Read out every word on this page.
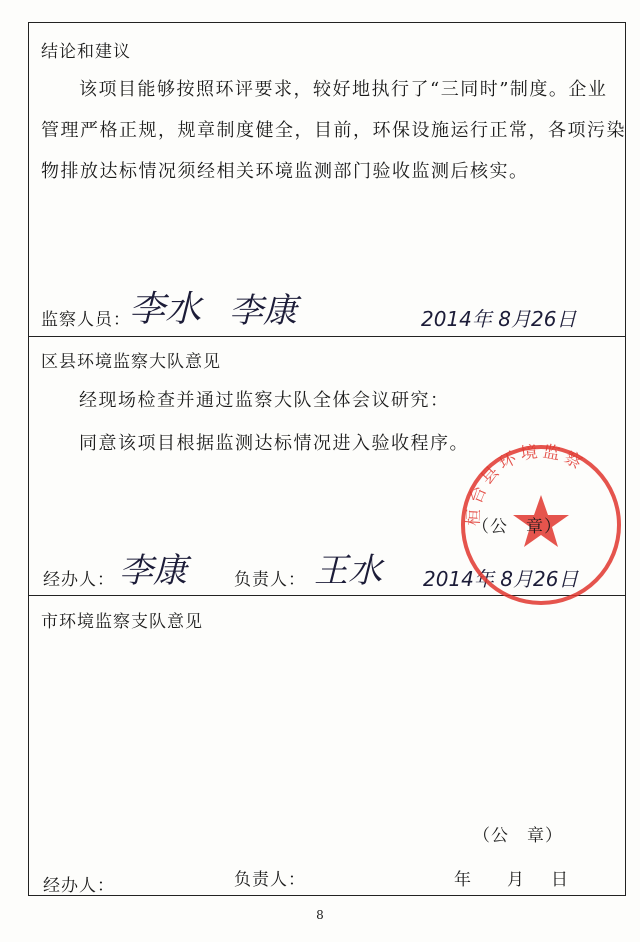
结论和建议
该项目能够按照环评要求，较好地执行了“三同时”制度。企业
管理严格正规，规章制度健全，目前，环保设施运行正常，各项污染
物排放达标情况须经相关环境监测部门验收监测后核实。
监察人员：
李水 李康	2014年 8月26日
区县环境监察大队意见
经现场检查并通过监察大队全体会议研究：
同意该项目根据监测达标情况进入验收程序。
经办人： 李康	负责人： 王水 2014年 8月26日
市环境监察支队意见
（公　章）
经办人：	负责人：	年 月 日
桓台县环境监察
（公　章）
8
